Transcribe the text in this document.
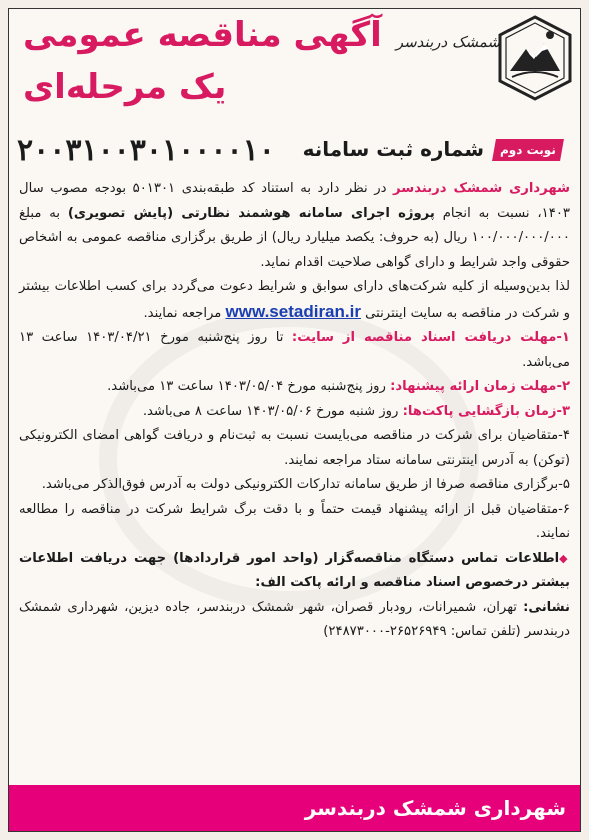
شمشک دربندسر
آگهی مناقصه عمومی
یک مرحله‌ای
نوبت دوم
شماره ثبت سامانه
۲۰۰۳۱۰۰۳۰۱۰۰۰۰۱۰

شهرداری شمشک دربندسر در نظر دارد به استناد کد طبقه‌بندی ۵۰۱۳۰۱ بودجه مصوب سال ۱۴۰۳، نسبت به انجام پروژه اجرای سامانه هوشمند نظارتی (پایش تصویری) به مبلغ ۱۰۰/۰۰۰/۰۰۰/۰۰۰ ریال (به حروف: یکصد میلیارد ریال) از طریق برگزاری مناقصه عمومی به اشخاص حقوقی واجد شرایط و دارای گواهی صلاحیت اقدام نماید.

لذا بدین‌وسیله از کلیه شرکت‌های دارای سوابق و شرایط دعوت می‌گردد برای کسب اطلاعات بیشتر و شرکت در مناقصه به سایت اینترنتی www.setadiran.ir مراجعه نمایند.

۱-مهلت دریافت اسناد مناقصه از سایت: تا روز پنج‌شنبه مورخ ۱۴۰۳/۰۴/۲۱ ساعت ۱۳ می‌باشد.

۲-مهلت زمان ارائه پیشنهاد: روز پنج‌شنبه مورخ ۱۴۰۳/۰۵/۰۴ ساعت ۱۳ می‌باشد.

۳-زمان بازگشایی پاکت‌ها: روز شنبه مورخ ۱۴۰۳/۰۵/۰۶ ساعت ۸ می‌باشد.

۴-متقاضیان برای شرکت در مناقصه می‌بایست نسبت به ثبت‌نام و دریافت گواهی امضای الکترونیکی (توکن) به آدرس اینترنتی سامانه ستاد مراجعه نمایند.

۵-برگزاری مناقصه صرفا از طریق سامانه تدارکات الکترونیکی دولت به آدرس فوق‌الذکر می‌باشد.

۶-متقاضیان قبل از ارائه پیشنهاد قیمت حتماً و با دقت برگ شرایط شرکت در مناقصه را مطالعه نمایند.

◆اطلاعات تماس دستگاه مناقصه‌گزار (واحد امور قراردادها) جهت دریافت اطلاعات بیشتر درخصوص اسناد مناقصه و ارائه پاکت الف:

نشانی: تهران، شمیرانات، رودبار قصران، شهر شمشک دربندسر، جاده دیزین، شهرداری شمشک دربندسر (تلفن تماس: ۲۶۵۲۶۹۴۹-۲۴۸۷۳۰۰۰)

شهرداری شمشک دربندسر
